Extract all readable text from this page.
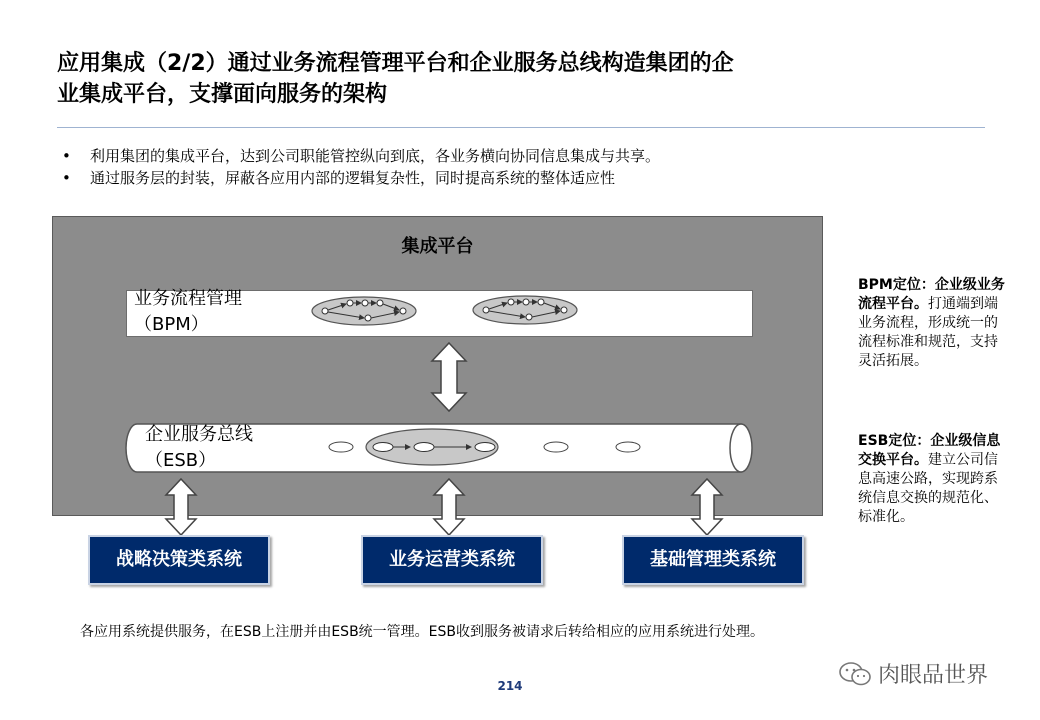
应用集成（2/2）通过业务流程管理平台和企业服务总线构造集团的企
业集成平台，支撑面向服务的架构
• 利用集团的集成平台，达到公司职能管控纵向到底，各业务横向协同信息集成与共享。
• 通过服务层的封装，屏蔽各应用内部的逻辑复杂性，同时提高系统的整体适应性
集成平台
业务流程管理
（BPM）
企业服务总线
（ESB）
战略决策类系统	业务运营类系统	基础管理类系统
BPM定位：企业级业务流程平台。打通端到端业务流程，形成统一的流程标准和规范，支持灵活拓展。
ESB定位：企业级信息交换平台。建立公司信息高速公路，实现跨系统信息交换的规范化、标准化。
各应用系统提供服务，在ESB上注册并由ESB统一管理。ESB收到服务被请求后转给相应的应用系统进行处理。
214	肉眼品世界
